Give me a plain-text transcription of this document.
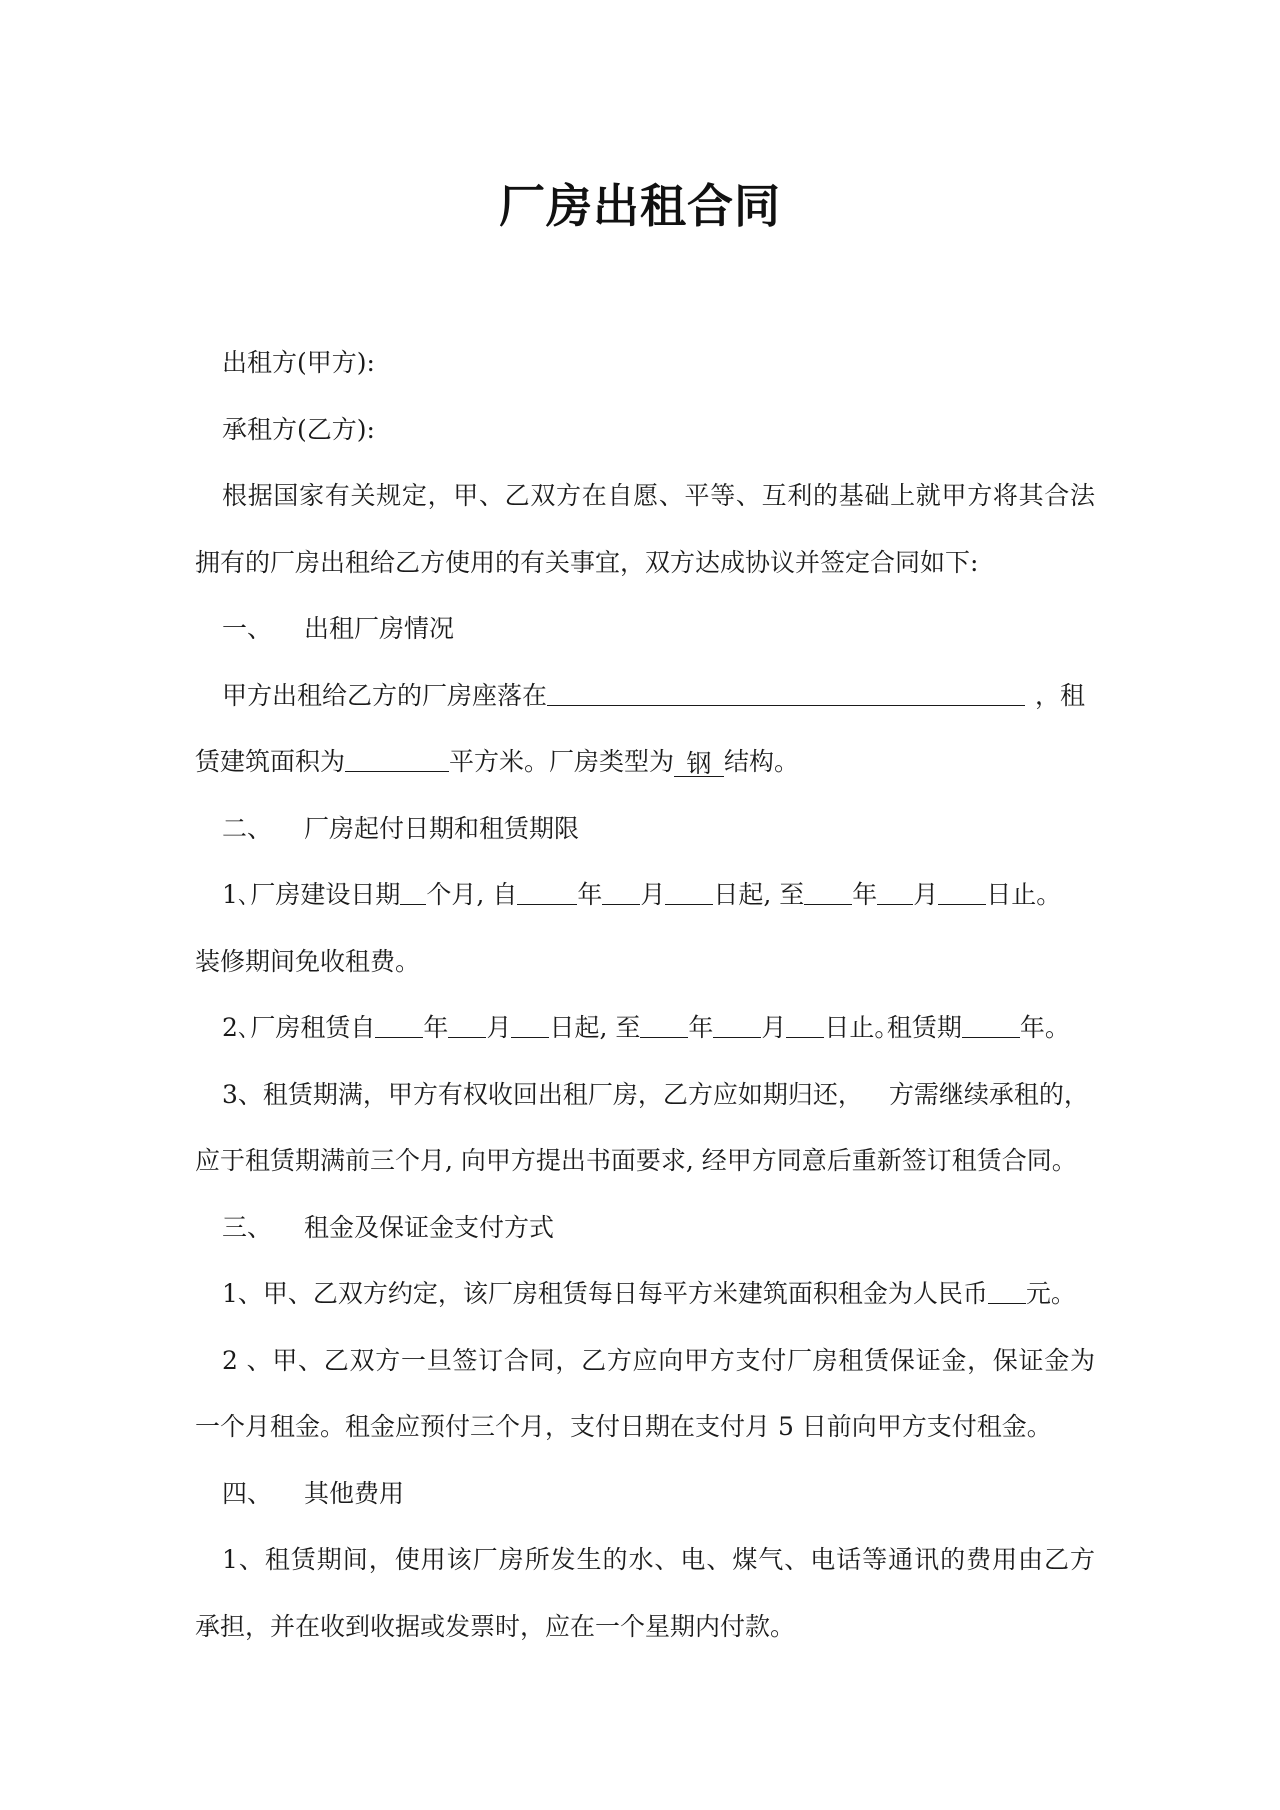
厂房出租合同
出租方(甲方):
承租方(乙方):
根据国家有关规定，甲、乙双方在自愿、平等、互利的基础上就甲方将其合法
拥有的厂房出租给乙方使用的有关事宜，双方达成协议并签定合同如下:
一、 出租厂房情况
甲方出租给乙方的厂房座落在	，租
赁建筑面积为	平方米。厂房类型为 钢 结构。
二、 厂房起付日期和租赁期限
1､厂房建设日期 个月, 自 年 月 日起, 至 年 月 日止。
装修期间免收租费。
2､厂房租赁自 年 月 日起, 至 年 月 日止｡租赁期 年｡
3、租赁期满，甲方有权收回出租厂房，乙方应如期归还， 方需继续承租的，
应于租赁期满前三个月, 向甲方提出书面要求, 经甲方同意后重新签订租赁合同｡
三、 租金及保证金支付方式
1、甲、乙双方约定，该厂房租赁每日每平方米建筑面积租金为人民币 元。
2 、甲、乙双方一旦签订合同，乙方应向甲方支付厂房租赁保证金，保证金为
一个月租金。租金应预付三个月，支付日期在支付月 5 日前向甲方支付租金。
四、 其他费用
1、租赁期间，使用该厂房所发生的水、电、煤气、电话等通讯的费用由乙方
承担，并在收到收据或发票时，应在一个星期内付款。
